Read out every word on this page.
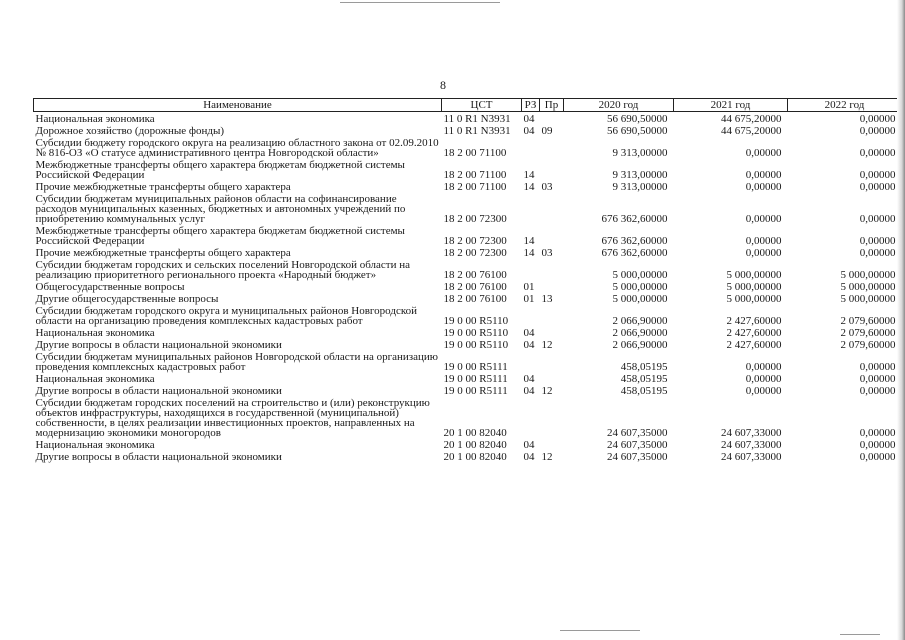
8
Наименование	ЦСТ	РЗ	Пр	2020 год	2021 год	2022 год
Национальная экономика	11 0 R1 N3931	04		56 690,50000	44 675,20000	0,00000
Дорожное хозяйство (дорожные фонды)	11 0 R1 N3931	04	09	56 690,50000	44 675,20000	0,00000
Субсидии бюджету городского округа на реализацию областного закона от 02.09.2010 № 816-ОЗ «О статусе административного центра Новгородской области»	18 2 00 71100			9 313,00000	0,00000	0,00000
Межбюджетные трансферты общего характера бюджетам бюджетной системы Российской Федерации	18 2 00 71100	14		9 313,00000	0,00000	0,00000
Прочие межбюджетные трансферты общего характера	18 2 00 71100	14	03	9 313,00000	0,00000	0,00000
Субсидии бюджетам муниципальных районов области на софинансирование расходов муниципальных казенных, бюджетных и автономных учреждений по приобретению коммунальных услуг	18 2 00 72300			676 362,60000	0,00000	0,00000
Межбюджетные трансферты общего характера бюджетам бюджетной системы Российской Федерации	18 2 00 72300	14		676 362,60000	0,00000	0,00000
Прочие межбюджетные трансферты общего характера	18 2 00 72300	14	03	676 362,60000	0,00000	0,00000
Субсидии бюджетам городских и сельских поселений Новгородской области на реализацию приоритетного регионального проекта «Народный бюджет»	18 2 00 76100			5 000,00000	5 000,00000	5 000,00000
Общегосударственные вопросы	18 2 00 76100	01		5 000,00000	5 000,00000	5 000,00000
Другие общегосударственные вопросы	18 2 00 76100	01	13	5 000,00000	5 000,00000	5 000,00000
Субсидии бюджетам городского округа и муниципальных районов Новгородской области на организацию проведения комплексных кадастровых работ	19 0 00 R5110			2 066,90000	2 427,60000	2 079,60000
Национальная экономика	19 0 00 R5110	04		2 066,90000	2 427,60000	2 079,60000
Другие вопросы в области национальной экономики	19 0 00 R5110	04	12	2 066,90000	2 427,60000	2 079,60000
Субсидии бюджетам муниципальных районов Новгородской области на организацию проведения комплексных кадастровых работ	19 0 00 R5111			458,05195	0,00000	0,00000
Национальная экономика	19 0 00 R5111	04		458,05195	0,00000	0,00000
Другие вопросы в области национальной экономики	19 0 00 R5111	04	12	458,05195	0,00000	0,00000
Субсидии бюджетам городских поселений на строительство и (или) реконструкцию объектов инфраструктуры, находящихся в государственной (муниципальной) собственности, в целях реализации инвестиционных проектов, направленных на модернизацию экономики моногородов	20 1 00 82040			24 607,35000	24 607,33000	0,00000
Национальная экономика	20 1 00 82040	04		24 607,35000	24 607,33000	0,00000
Другие вопросы в области национальной экономики	20 1 00 82040	04	12	24 607,35000	24 607,33000	0,00000
